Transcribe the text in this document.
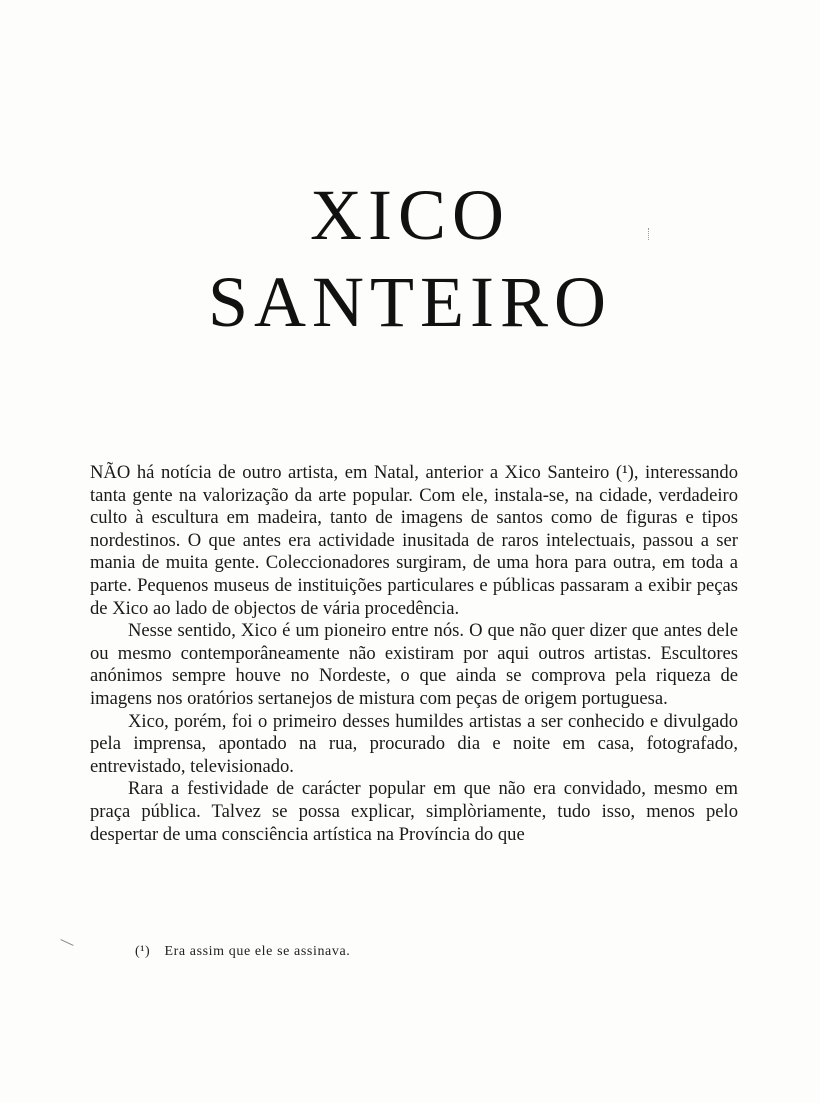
XICO
SANTEIRO

NÃO há notícia de outro artista, em Natal, anterior a Xico Santeiro (¹), interessando tanta gente na valorização da arte popular. Com ele, instala-se, na cidade, verdadeiro culto à escultura em madeira, tanto de imagens de santos como de figuras e tipos nordestinos. O que antes era actividade inusitada de raros intelectuais, passou a ser mania de muita gente. Coleccionadores surgiram, de uma hora para outra, em toda a parte. Pequenos museus de instituições particulares e públicas passaram a exibir peças de Xico ao lado de objectos de vária procedência.

Nesse sentido, Xico é um pioneiro entre nós. O que não quer dizer que antes dele ou mesmo contemporâneamente não existiram por aqui outros artistas. Escultores anónimos sempre houve no Nordeste, o que ainda se comprova pela riqueza de imagens nos oratórios sertanejos de mistura com peças de origem portuguesa.

Xico, porém, foi o primeiro desses humildes artistas a ser conhecido e divulgado pela imprensa, apontado na rua, procurado dia e noite em casa, fotografado, entrevistado, televisionado.

Rara a festividade de carácter popular em que não era convidado, mesmo em praça pública. Talvez se possa explicar, simplòriamente, tudo isso, menos pelo despertar de uma consciência artística na Província do que

(¹) Era assim que ele se assinava.
